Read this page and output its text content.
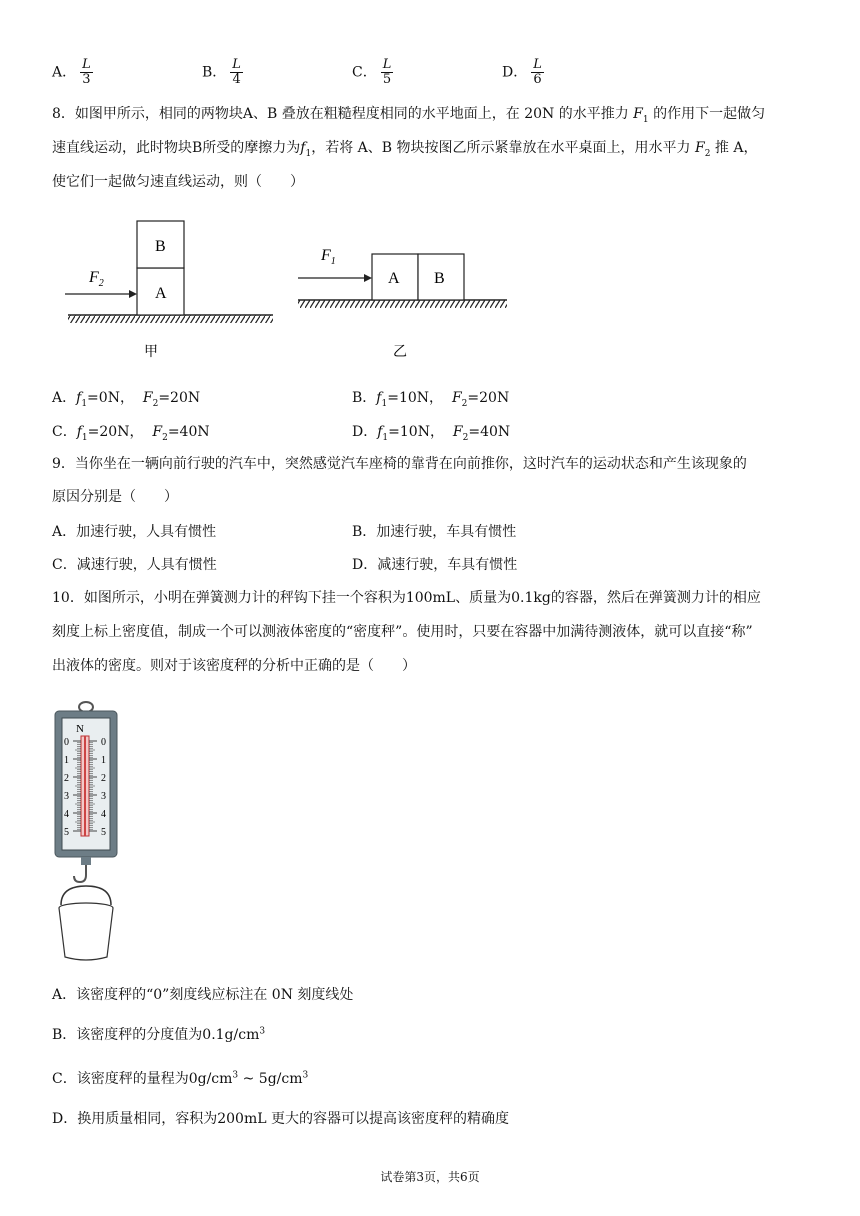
A． $\frac{L}{3}$	B． $\frac{L}{4}$	C． $\frac{L}{5}$	D． $\frac{L}{6}$
8．如图甲所示，相同的两物块A、B 叠放在粗糙程度相同的水平地面上，在 20N 的水平推力 $F_1$ 的作用下一起做匀
速直线运动，此时物块B所受的摩擦力为$f_1$，若将 A、B 物块按图乙所示紧靠放在水平桌面上，用水平力 $F_2$ 推 A，
使它们一起做匀速直线运动，则（　　）
A
B
$F_2$
甲
A B
$F_1$
乙
A．$f_1=0N$，  $F_2=20N$	B．$f_1=10N$，  $F_2=20N$
C．$f_1=20N$，  $F_2=40N$	D．$f_1=10N$，  $F_2=40N$
9．当你坐在一辆向前行驶的汽车中，突然感觉汽车座椅的靠背在向前推你，这时汽车的运动状态和产生该现象的
原因分别是（　　）
A．加速行驶，人具有惯性	B．加速行驶，车具有惯性
C．减速行驶，人具有惯性	D．减速行驶，车具有惯性
10．如图所示，小明在弹簧测力计的秤钩下挂一个容积为100mL、质量为0.1kg的容器，然后在弹簧测力计的相应
刻度上标上密度值，制成一个可以测液体密度的“密度秤”。使用时，只要在容器中加满待测液体，就可以直接“称”
出液体的密度。则对于该密度秤的分析中正确的是（　　）
N
0
1
2
3
4
5
0
1
2
3
4
5
A．该密度秤的“0”刻度线应标注在 0N 刻度线处
B．该密度秤的分度值为$0.1g/cm^3$
C．该密度秤的量程为$0g/cm^3$ ~ $5g/cm^3$
D．换用质量相同，容积为200mL 更大的容器可以提高该密度秤的精确度
试卷第3页，共6页
